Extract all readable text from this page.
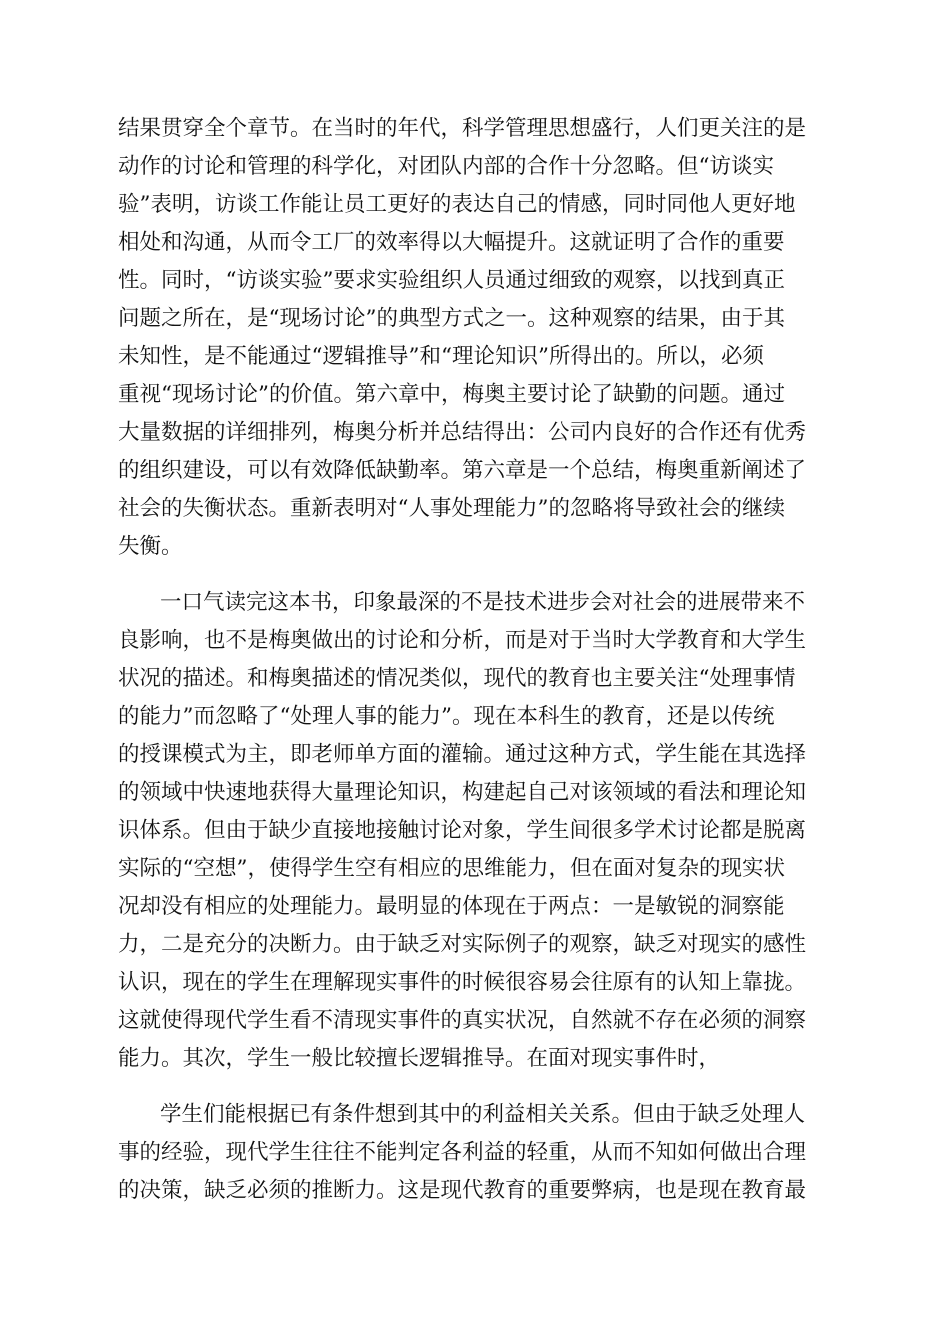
结果贯穿全个章节。在当时的年代，科学管理思想盛行，人们更关注的是
动作的讨论和管理的科学化，对团队内部的合作十分忽略。但“访谈实
验”表明，访谈工作能让员工更好的表达自己的情感，同时同他人更好地
相处和沟通，从而令工厂的效率得以大幅提升。这就证明了合作的重要
性。同时，“访谈实验”要求实验组织人员通过细致的观察，以找到真正
问题之所在，是“现场讨论”的典型方式之一。这种观察的结果，由于其
未知性，是不能通过“逻辑推导”和“理论知识”所得出的。所以，必须
重视“现场讨论”的价值。第六章中，梅奥主要讨论了缺勤的问题。通过
大量数据的详细排列，梅奥分析并总结得出：公司内良好的合作还有优秀
的组织建设，可以有效降低缺勤率。第六章是一个总结，梅奥重新阐述了
社会的失衡状态。重新表明对“人事处理能力”的忽略将导致社会的继续
失衡。
一口气读完这本书，印象最深的不是技术进步会对社会的进展带来不
良影响，也不是梅奥做出的讨论和分析，而是对于当时大学教育和大学生
状况的描述。和梅奥描述的情况类似，现代的教育也主要关注“处理事情
的能力”而忽略了“处理人事的能力”。现在本科生的教育，还是以传统
的授课模式为主，即老师单方面的灌输。通过这种方式，学生能在其选择
的领域中快速地获得大量理论知识，构建起自己对该领域的看法和理论知
识体系。但由于缺少直接地接触讨论对象，学生间很多学术讨论都是脱离
实际的“空想”，使得学生空有相应的思维能力，但在面对复杂的现实状
况却没有相应的处理能力。最明显的体现在于两点：一是敏锐的洞察能
力，二是充分的决断力。由于缺乏对实际例子的观察，缺乏对现实的感性
认识，现在的学生在理解现实事件的时候很容易会往原有的认知上靠拢。
这就使得现代学生看不清现实事件的真实状况，自然就不存在必须的洞察
能力。其次，学生一般比较擅长逻辑推导。在面对现实事件时，
学生们能根据已有条件想到其中的利益相关关系。但由于缺乏处理人
事的经验，现代学生往往不能判定各利益的轻重，从而不知如何做出合理
的决策，缺乏必须的推断力。这是现代教育的重要弊病，也是现在教育最
